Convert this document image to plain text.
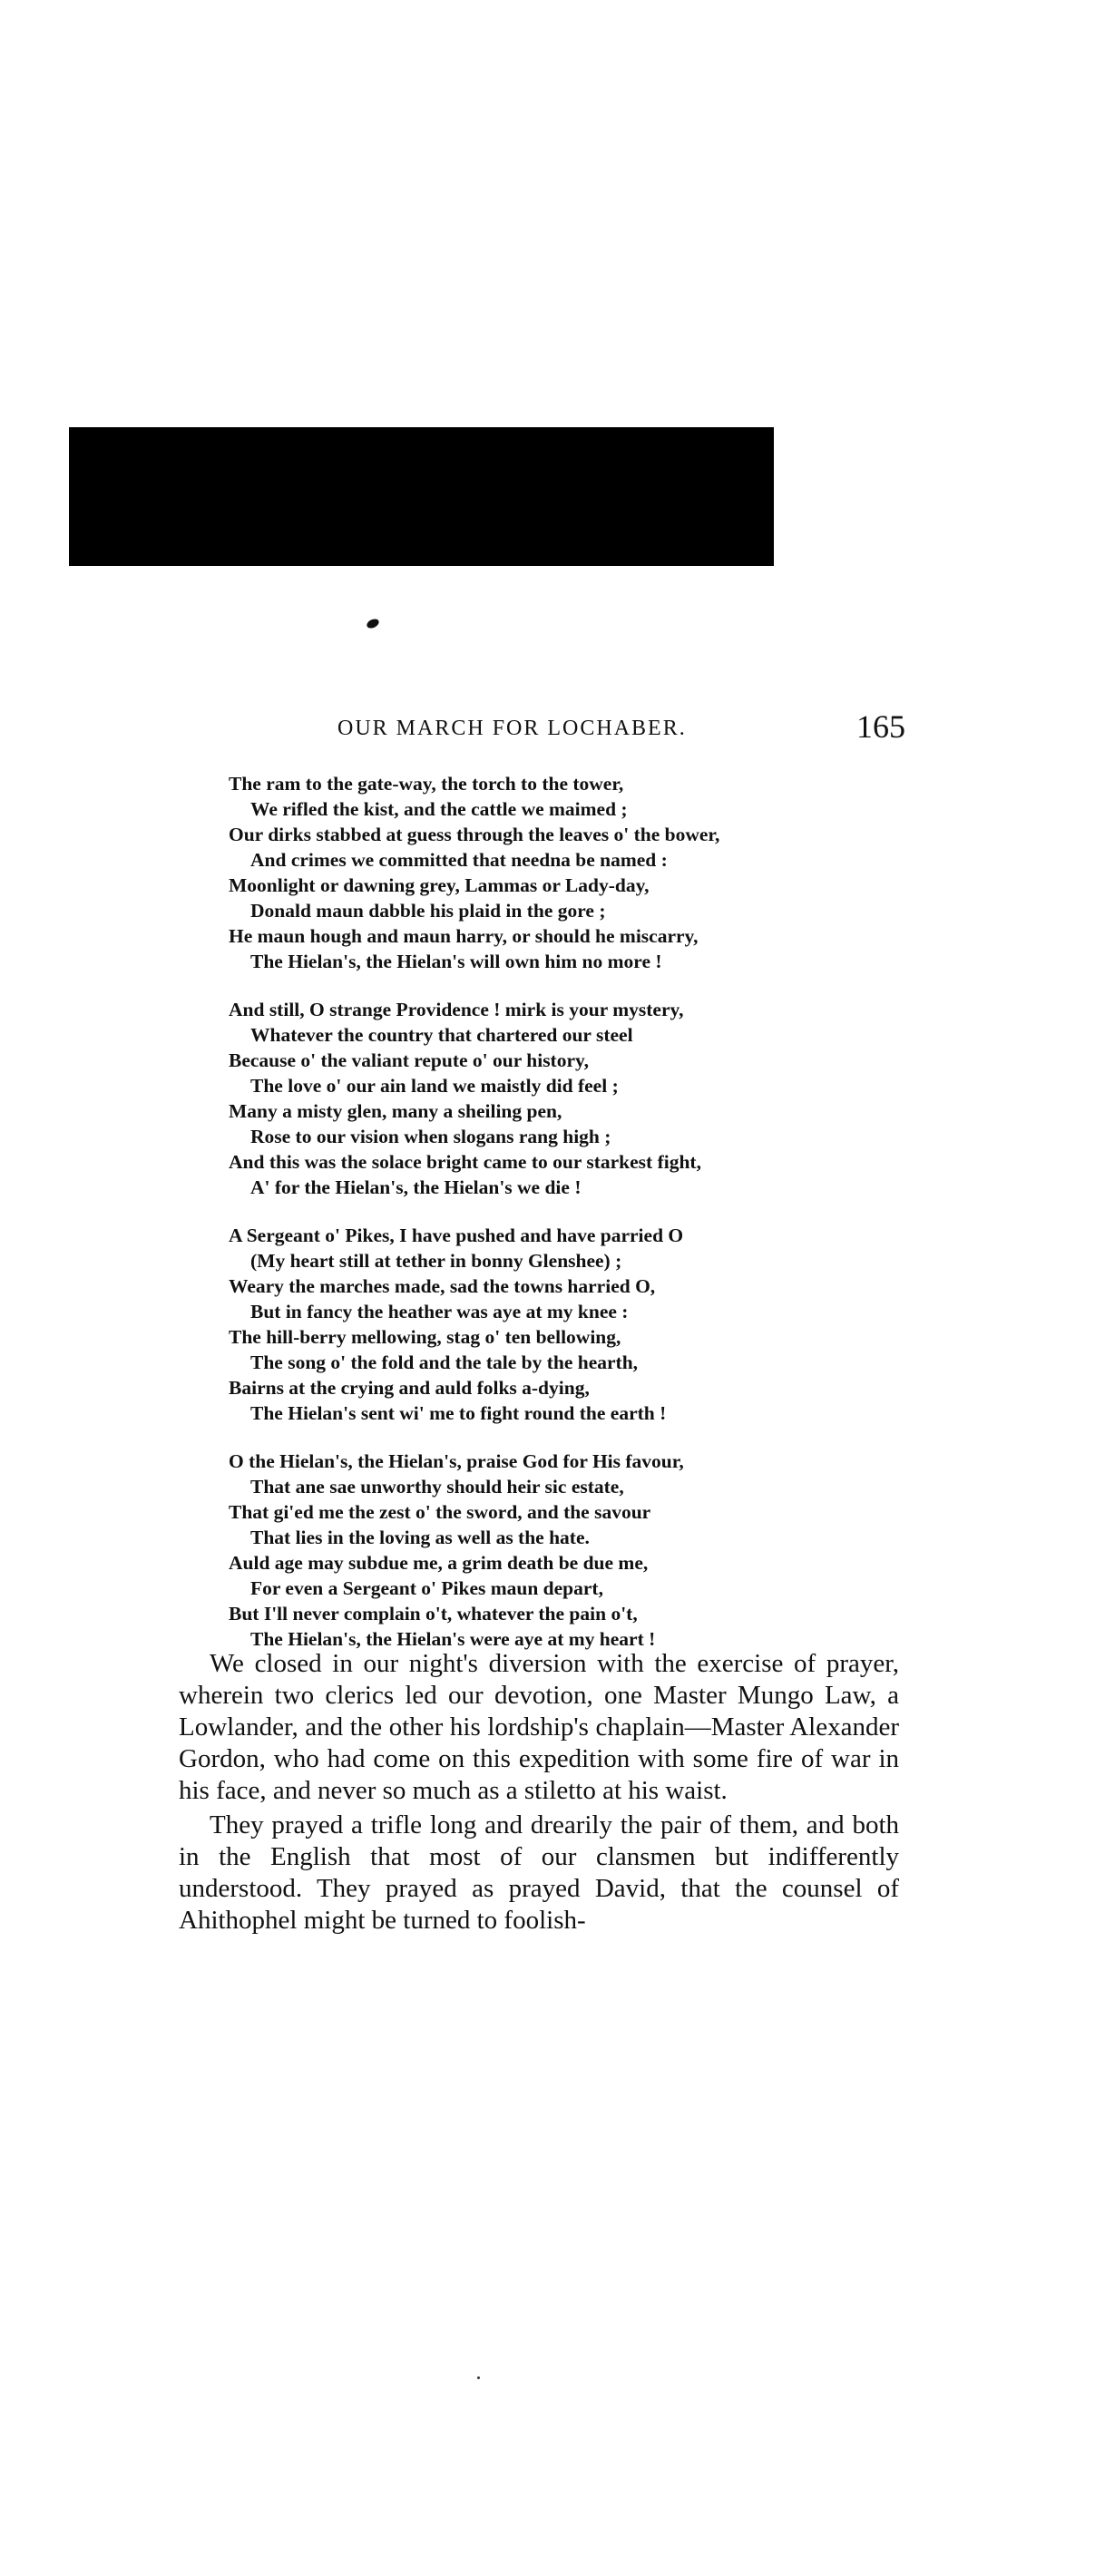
OUR MARCH FOR LOCHABER.	165
The ram to the gate-way, the torch to the tower,
We rifled the kist, and the cattle we maimed ;
Our dirks stabbed at guess through the leaves o' the bower,
And crimes we committed that needna be named :
Moonlight or dawning grey, Lammas or Lady-day,
Donald maun dabble his plaid in the gore ;
He maun hough and maun harry, or should he miscarry,
The Hielan's, the Hielan's will own him no more !
And still, O strange Providence ! mirk is your mystery,
Whatever the country that chartered our steel
Because o' the valiant repute o' our history,
The love o' our ain land we maistly did feel ;
Many a misty glen, many a sheiling pen,
Rose to our vision when slogans rang high ;
And this was the solace bright came to our starkest fight,
A' for the Hielan's, the Hielan's we die !
A Sergeant o' Pikes, I have pushed and have parried O
(My heart still at tether in bonny Glenshee) ;
Weary the marches made, sad the towns harried O,
But in fancy the heather was aye at my knee :
The hill-berry mellowing, stag o' ten bellowing,
The song o' the fold and the tale by the hearth,
Bairns at the crying and auld folks a-dying,
The Hielan's sent wi' me to fight round the earth !
O the Hielan's, the Hielan's, praise God for His favour,
That ane sae unworthy should heir sic estate,
That gi'ed me the zest o' the sword, and the savour
That lies in the loving as well as the hate.
Auld age may subdue me, a grim death be due me,
For even a Sergeant o' Pikes maun depart,
But I'll never complain o't, whatever the pain o't,
The Hielan's, the Hielan's were aye at my heart !

We closed in our night's diversion with the exercise of prayer, wherein two clerics led our devotion, one Master Mungo Law, a Lowlander, and the other his lordship's chaplain—Master Alexander Gordon, who had come on this expedition with some fire of war in his face, and never so much as a stiletto at his waist.

They prayed a trifle long and drearily the pair of them, and both in the English that most of our clansmen but indifferently understood. They prayed as prayed David, that the counsel of Ahithophel might be turned to foolish-
